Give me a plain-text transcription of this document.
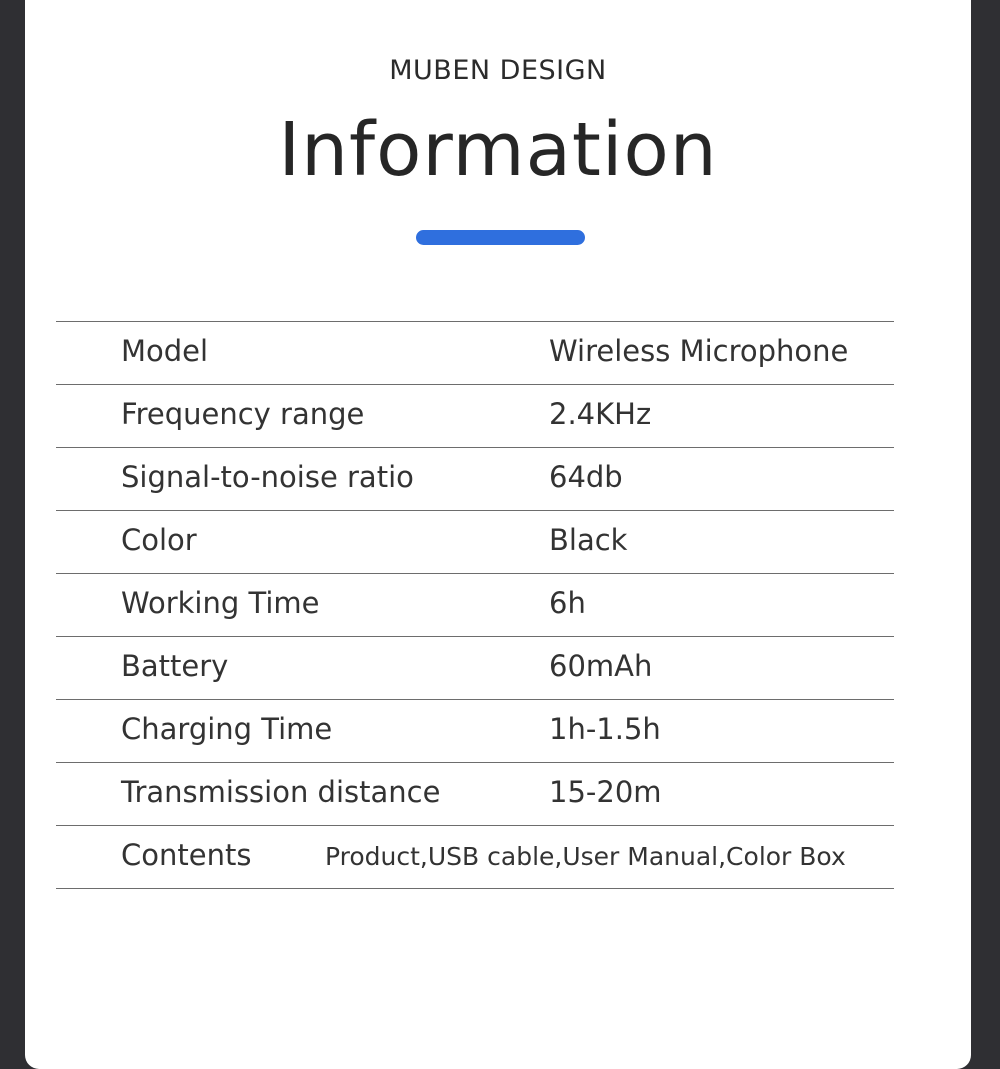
MUBEN DESIGN
Information
Model	Wireless Microphone
Frequency range	2.4KHz
Signal-to-noise ratio	64db
Color	Black
Working Time	6h
Battery	60mAh
Charging Time	1h-1.5h
Transmission distance	15-20m
Contents	Product,USB cable,User Manual,Color Box
